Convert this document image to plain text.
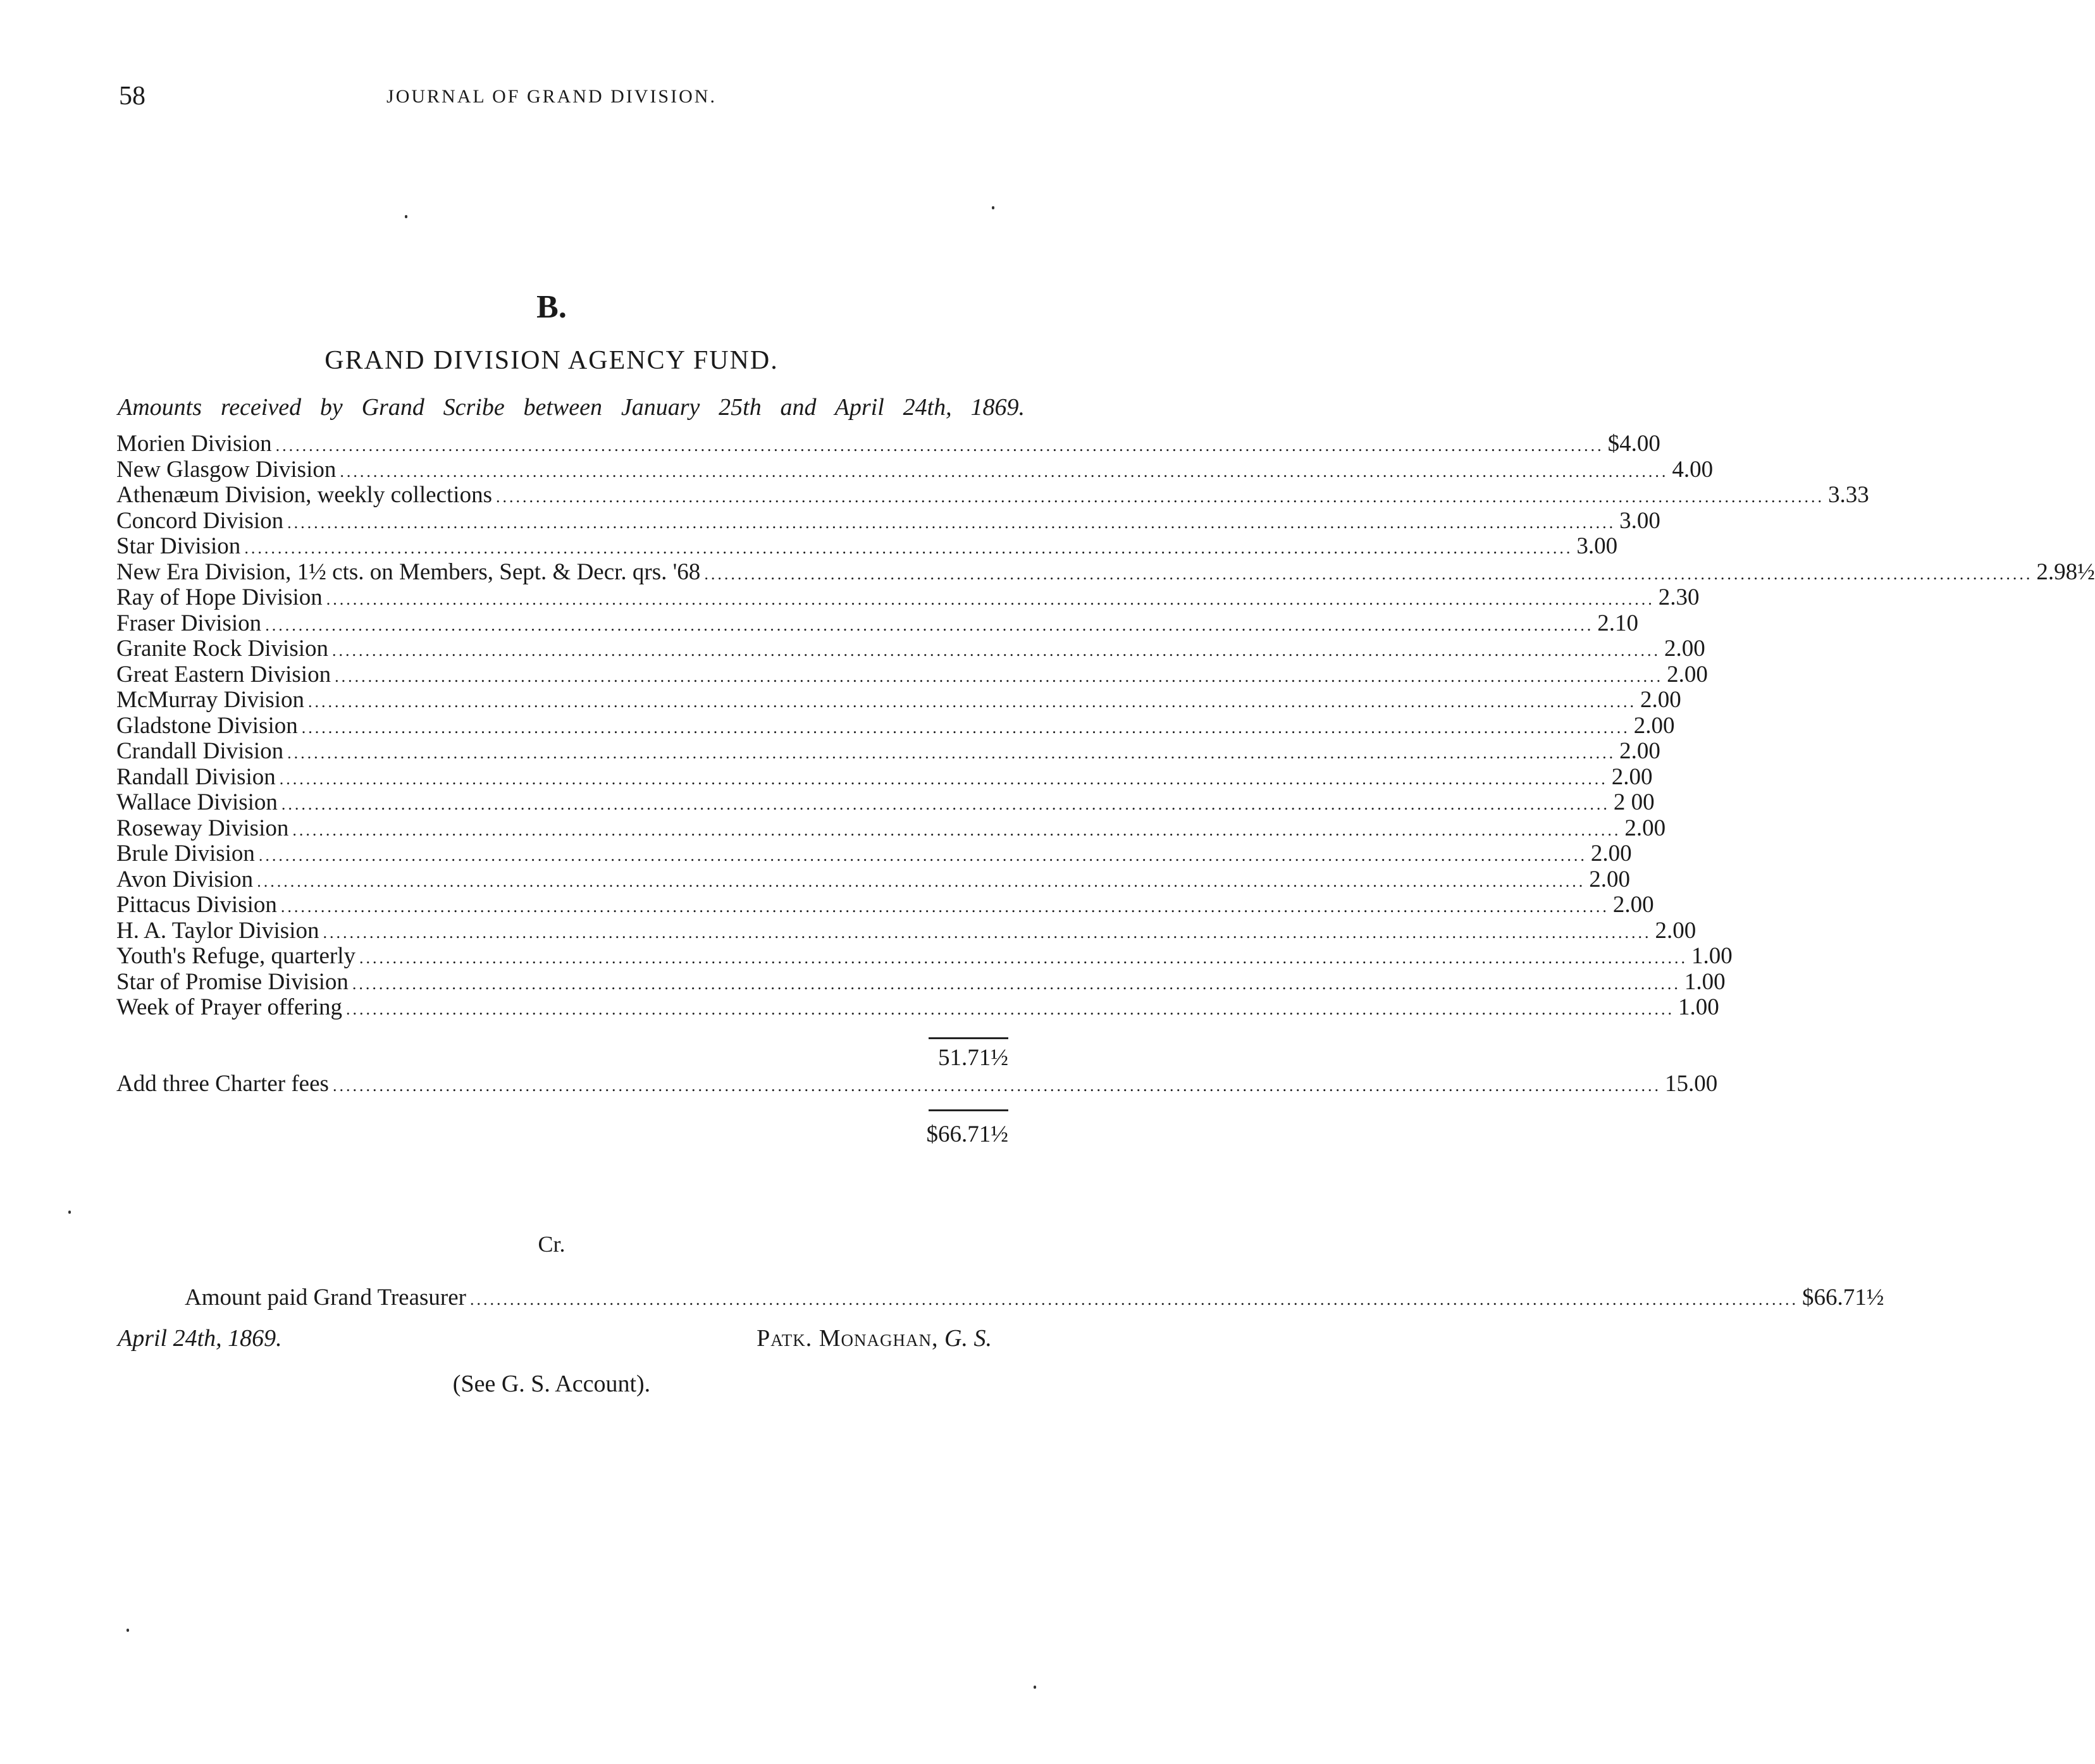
58	JOURNAL OF GRAND DIVISION.
B.
GRAND DIVISION AGENCY FUND.
Amounts received by Grand Scribe between January 25th and April 24th, 1869.
Morien Division ........................................................................................................................................................................................................ $4.00
New Glasgow Division ........................................................................................................................................................................................................ 4.00
Athenæum Division, weekly collections ........................................................................................................................................................................................................ 3.33
Concord Division ........................................................................................................................................................................................................ 3.00
Star Division ........................................................................................................................................................................................................ 3.00
New Era Division, 1½ cts. on Members, Sept. & Decr. qrs. '68 ........................................................................................................................................................................................................ 2.98½
Ray of Hope Division ........................................................................................................................................................................................................ 2.30
Fraser Division ........................................................................................................................................................................................................ 2.10
Granite Rock Division ........................................................................................................................................................................................................ 2.00
Great Eastern Division ........................................................................................................................................................................................................ 2.00
McMurray Division ........................................................................................................................................................................................................ 2.00
Gladstone Division ........................................................................................................................................................................................................ 2.00
Crandall Division ........................................................................................................................................................................................................ 2.00
Randall Division ........................................................................................................................................................................................................ 2.00
Wallace Division ........................................................................................................................................................................................................ 2 00
Roseway Division ........................................................................................................................................................................................................ 2.00
Brule Division ........................................................................................................................................................................................................ 2.00
Avon Division ........................................................................................................................................................................................................ 2.00
Pittacus Division ........................................................................................................................................................................................................ 2.00
H. A. Taylor Division ........................................................................................................................................................................................................ 2.00
Youth's Refuge, quarterly ........................................................................................................................................................................................................ 1.00
Star of Promise Division ........................................................................................................................................................................................................ 1.00
Week of Prayer offering ........................................................................................................................................................................................................ 1.00
51.71½
Add three Charter fees ........................................................................................................................................................................................................ 15.00
$66.71½
Cr.
Amount paid Grand Treasurer ........................................................................................................................................................................................................ $66.71½
April 24th, 1869.	Patk. Monaghan, G. S.
(See G. S. Account).
